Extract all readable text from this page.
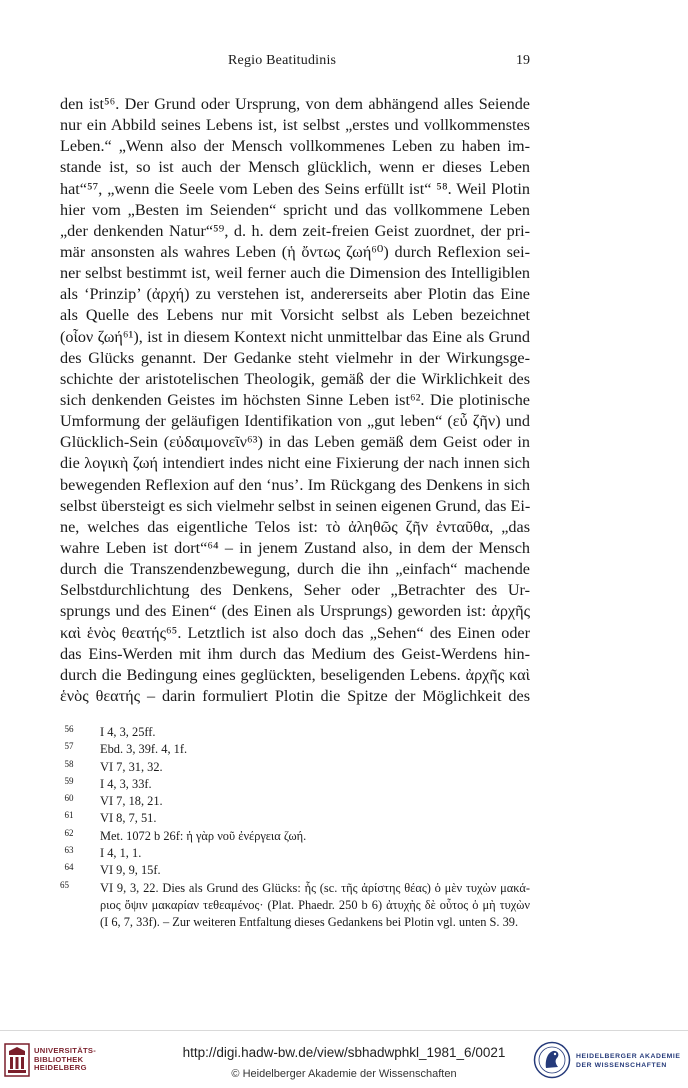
Regio Beatitudinis	19
den ist⁵⁶. Der Grund oder Ursprung, von dem abhängend alles Seiende
nur ein Abbild seines Lebens ist, ist selbst „erstes und vollkommenstes
Leben.“ „Wenn also der Mensch vollkommenes Leben zu haben im-
stande ist, so ist auch der Mensch glücklich, wenn er dieses Leben
hat“⁵⁷, „wenn die Seele vom Leben des Seins erfüllt ist“ ⁵⁸. Weil Plotin
hier vom „Besten im Seienden“ spricht und das vollkommene Leben
„der denkenden Natur“⁵⁹, d. h. dem zeit-freien Geist zuordnet, der pri-
mär ansonsten als wahres Leben (ἡ ὄντως ζωή⁶⁰) durch Reflexion sei-
ner selbst bestimmt ist, weil ferner auch die Dimension des Intelligiblen
als ‘Prinzip’ (ἀρχή) zu verstehen ist, andererseits aber Plotin das Eine
als Quelle des Lebens nur mit Vorsicht selbst als Leben bezeichnet
(οἷον ζωή⁶¹), ist in diesem Kontext nicht unmittelbar das Eine als Grund
des Glücks genannt. Der Gedanke steht vielmehr in der Wirkungsge-
schichte der aristotelischen Theologik, gemäß der die Wirklichkeit des
sich denkenden Geistes im höchsten Sinne Leben ist⁶². Die plotinische
Umformung der geläufigen Identifikation von „gut leben“ (εὖ ζῆν) und
Glücklich-Sein (εὐδαιμονεῖν⁶³) in das Leben gemäß dem Geist oder in
die λογικὴ ζωή intendiert indes nicht eine Fixierung der nach innen sich
bewegenden Reflexion auf den ‘nus’. Im Rückgang des Denkens in sich
selbst übersteigt es sich vielmehr selbst in seinen eigenen Grund, das Ei-
ne, welches das eigentliche Telos ist: τὸ ἀληθῶς ζῆν ἐνταῦθα, „das
wahre Leben ist dort“⁶⁴ – in jenem Zustand also, in dem der Mensch
durch die Transzendenzbewegung, durch die ihn „einfach“ machende
Selbstdurchlichtung des Denkens, Seher oder „Betrachter des Ur-
sprungs und des Einen“ (des Einen als Ursprungs) geworden ist: ἀρχῆς
καὶ ἑνὸς θεατής⁶⁵. Letztlich ist also doch das „Sehen“ des Einen oder
das Eins-Werden mit ihm durch das Medium des Geist-Werdens hin-
durch die Bedingung eines geglückten, beseligenden Lebens. ἀρχῆς καὶ
ἑνὸς θεατής – darin formuliert Plotin die Spitze der Möglichkeit des
56	I 4, 3, 25ff.
57	Ebd. 3, 39f. 4, 1f.
58	VI 7, 31, 32.
59	I 4, 3, 33f.
60	VI 7, 18, 21.
61	VI 8, 7, 51.
62	Met. 1072 b 26f: ἡ γὰρ νοῦ ἐνέργεια ζωή.
63	I 4, 1, 1.
64	VI 9, 9, 15f.
65	VI 9, 3, 22. Dies als Grund des Glücks: ἧς (sc. τῆς ἀρίστης θέας) ὁ μὲν τυχὼν μακά-
ριος ὄψιν μακαρίαν τεθεαμένος· (Plat. Phaedr. 250 b 6) ἀτυχὴς δὲ οὗτος ὁ μὴ τυχὼν
(I 6, 7, 33f). – Zur weiteren Entfaltung dieses Gedankens bei Plotin vgl. unten S. 39.
UNIVERSITÄTS-
BIBLIOTHEK
HEIDELBERG
http://digi.hadw-bw.de/view/sbhadwphkl_1981_6/0021
© Heidelberger Akademie der Wissenschaften
HEIDELBERGER AKADEMIE
DER WISSENSCHAFTEN
